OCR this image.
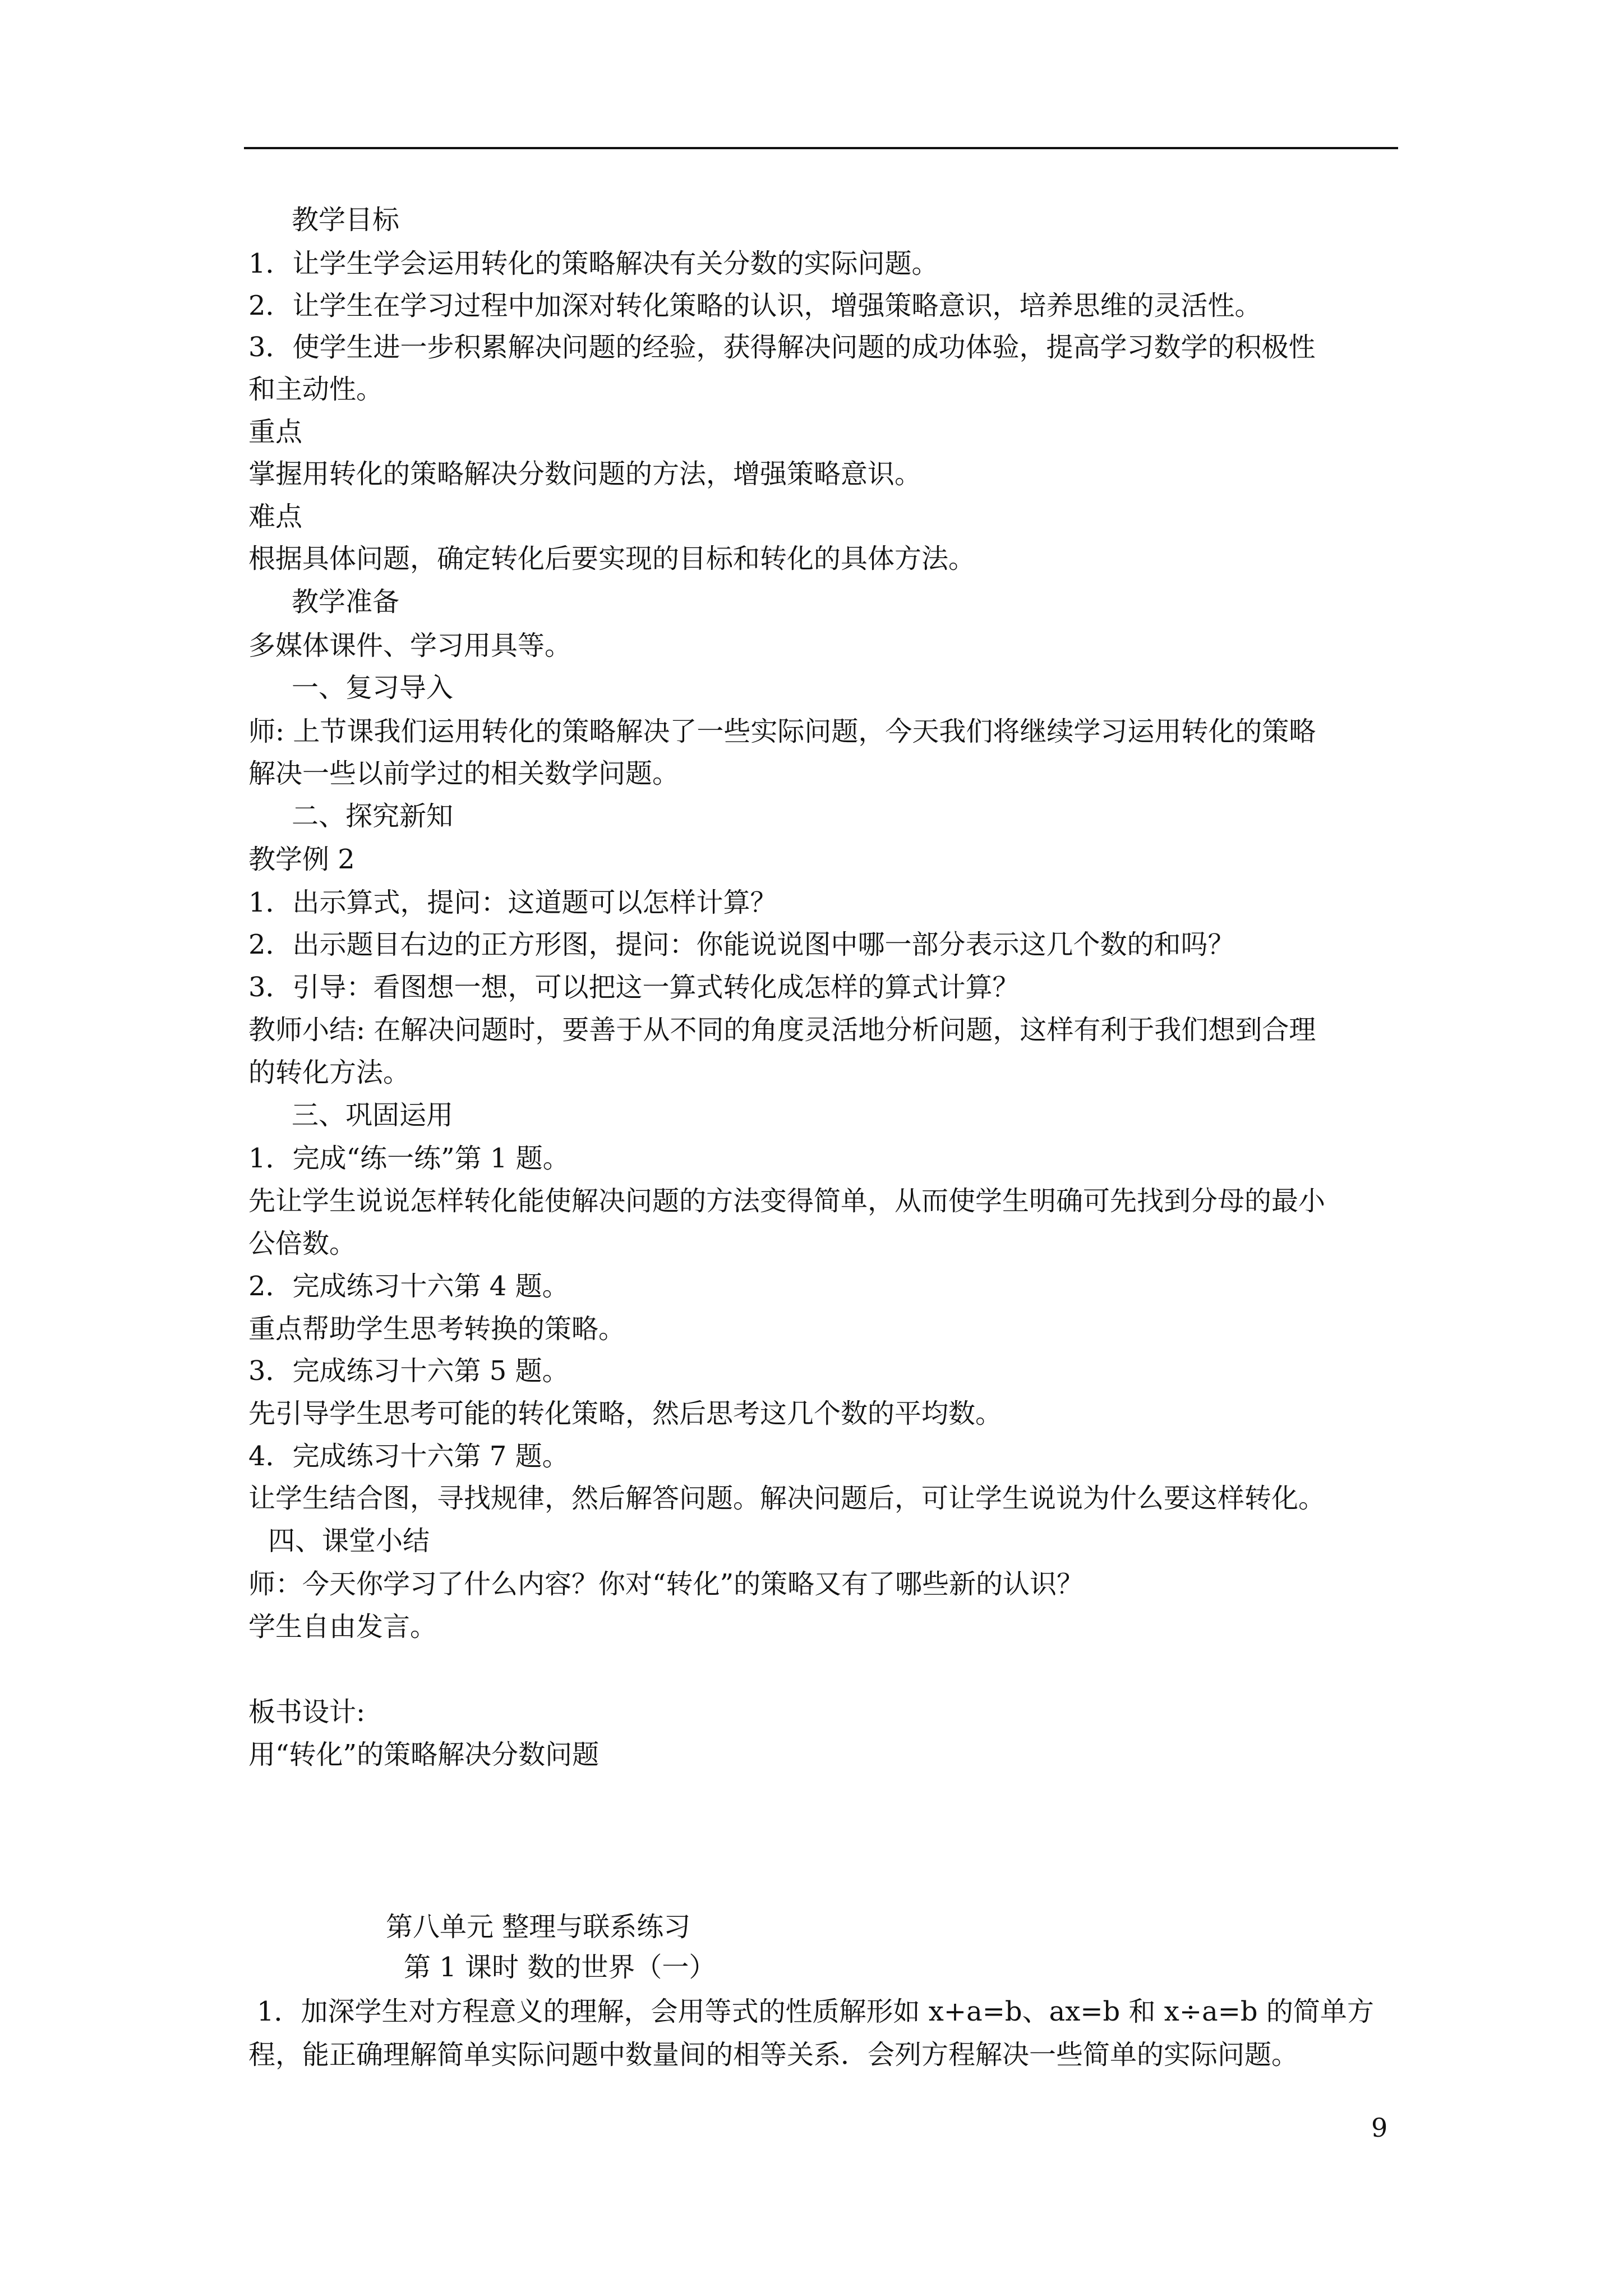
教学目标
1．让学生学会运用转化的策略解决有关分数的实际问题。
2．让学生在学习过程中加深对转化策略的认识，增强策略意识，培养思维的灵活性。
3．使学生进一步积累解决问题的经验，获得解决问题的成功体验，提高学习数学的积极性
和主动性。
重点
掌握用转化的策略解决分数问题的方法，增强策略意识。
难点
根据具体问题，确定转化后要实现的目标和转化的具体方法。
教学准备
多媒体课件、学习用具等。
一、复习导入
师: 上节课我们运用转化的策略解决了一些实际问题，今天我们将继续学习运用转化的策略
解决一些以前学过的相关数学问题。
二、探究新知
教学例 2
1．出示算式，提问：这道题可以怎样计算？
2．出示题目右边的正方形图，提问：你能说说图中哪一部分表示这几个数的和吗？
3．引导：看图想一想，可以把这一算式转化成怎样的算式计算？
教师小结: 在解决问题时，要善于从不同的角度灵活地分析问题，这样有利于我们想到合理
的转化方法。
三、巩固运用
1．完成“练一练”第 1 题。
先让学生说说怎样转化能使解决问题的方法变得简单，从而使学生明确可先找到分母的最小
公倍数。
2．完成练习十六第 4 题。
重点帮助学生思考转换的策略。
3．完成练习十六第 5 题。
先引导学生思考可能的转化策略，然后思考这几个数的平均数。
4．完成练习十六第 7 题。
让学生结合图，寻找规律，然后解答问题。解决问题后，可让学生说说为什么要这样转化。
四、课堂小结
师：今天你学习了什么内容？你对“转化”的策略又有了哪些新的认识？
学生自由发言。
板书设计:
用“转化”的策略解决分数问题
第八单元 整理与联系练习
第 1 课时 数的世界（一）
1．加深学生对方程意义的理解，会用等式的性质解形如 x+a=b、ax=b 和 x÷a=b 的简单方
程，能正确理解简单实际问题中数量间的相等关系．会列方程解决一些简单的实际问题。
9
